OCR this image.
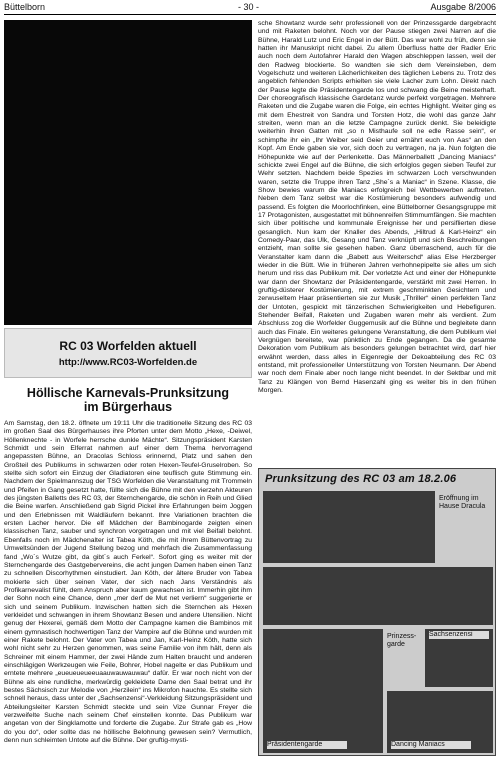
Büttelborn	- 30 -	Ausgabe 8/2006
RC 03 Worfelden aktuell
http://www.RC03-Worfelden.de
Höllische Karnevals-Prunksitzung
im Bürgerhaus
Am Samstag, den 18.2. öffnete um 19:11 Uhr die traditionelle Sitzung des RC 03 im großen Saal des Bürgerhauses ihre Pforten unter dem Motto „Hexe, -Deiwel, Höllenknechte - in Worfele herrsche dunkle Mächte“. Sitzungspräsident Karsten Schmidt und sein Elferrat nahmen auf einer dem Thema hervorragend angepassten Bühne, an Dracolas Schloss erinnernd, Platz und sahen den Großteil des Publikums in schwarzen oder roten Hexen-Teufel-Gruselroben. So stellte sich sofort ein Einzug der Gladiatoren eine teuflisch gute Stimmung ein. Nachdem der Spielmannszug der TSG Worfelden die Veranstaltung mit Trommeln und Pfeifen in Gang gesetzt hatte, füllte sich die Bühne mit den vierzehn Akteuren des jüngsten Balletts des RC 03, der Sternchengarde, die schön in Reih und Glied die Beine warfen. Anschließend gab Sigrid Pickel ihre Erfahrungen beim Joggen und den Erlebnissen mit Waldläufern bekannt. Ihre Variationen brachten die ersten Lacher hervor. Die elf Mädchen der Bambinogarde zeigten einen klassischen Tanz, sauber und synchron vorgetragen und mit viel Beifall belohnt. Ebenfalls noch im Mädchenalter ist Tabea Köth, die mit ihrem Büttenvortrag zu Umweltsünden der Jugend Stellung bezog und mehrfach die Zusammenfassung fand „Wo´s Wutze gibt, da gibt´s auch Ferkel“. Sofort ging es weiter mit der Sternchengarde des Gastgebervereins, die acht jungen Damen haben einen Tanz zu schnellen Discorhythmen einstudiert. Jan Köth, der ältere Bruder von Tabea mokierte sich über seinen Vater, der sich nach Jans Verständnis als Profikarnevalist fühlt, dem Anspruch aber kaum gewachsen ist. Immerhin gibt ihm der Sohn noch eine Chance, denn „mer derf de Mut net verliern“ suggerierte er sich und seinem Publikum. Inzwischen hatten sich die Sternchen als Hexen verkleidet und schwangen in ihrem Showtanz Besen und andere Utensilien. Nicht genug der Hexerei, gemäß dem Motto der Campagne kamen die Bambinos mit einem gymnastisch hochwertigen Tanz der Vampire auf die Bühne und wurden mit einer Rakete belohnt. Der Vater von Tabea und Jan, Karl-Heinz Köth, hatte sich wohl nicht sehr zu Herzen genommen, was seine Familie von ihm hält, denn als Schreiner mit einem Hammer, der zwei Hände zum Halten braucht und anderen einschlägigen Werkzeugen wie Feile, Bohrer, Hobel nagelte er das Publikum und erntete mehrere „eueueueueeuaauwauwauwau“ dafür. Er war noch nicht von der Bühne als eine rundliche, merkwürdig gekleidete Dame den Saal betrat und ihr bestes Sächsisch zur Melodie von „Herzilein“ ins Mikrofon hauchte. Es stellte sich schnell heraus, dass unter der „Sachsenzensi“-Verkleidung Sitzungspräsident und Abteilungsleiter Karsten Schmidt steckte und sein Vize Gunnar Freyer die verzweifelte Suche nach seinem Chef einstellen konnte. Das Publikum war angetan von der Singklamotte und forderte die Zugabe. Zur Strafe gab es „How do you do“, oder sollte das ne höllische Belohnung gewesen sein? Vermutlich, denn nun schleimten Untote auf die Bühne. Der gruftig-mysti-
sche Showtanz wurde sehr professionell von der Prinzessgarde dargebracht und mit Raketen belohnt. Noch vor der Pause stiegen zwei Narren auf die Bühne, Harald Lutz und Eric Engel in der Bütt. Das war wohl zu früh, denn sie hatten ihr Manuskript nicht dabei. Zu allem Überfluss hatte der Radler Eric auch noch dem Autofahrer Harald den Wagen abschleppen lassen, weil der den Radweg blockierte. So wandten sie sich dem Vereinsleben, dem Vogelschutz und weiteren Lächerlichkeiten des täglichen Lebens zu. Trotz des angeblich fehlenden Scripts erhielten sie viele Lacher zum Lohn. Direkt nach der Pause legte die Präsidentengarde los und schwang die Beine meisterhaft. Der choreografisch klassische Gardetanz wurde perfekt vorgetragen. Mehrere Raketen und die Zugabe waren die Folge, ein echtes Highlight. Weiter ging es mit dem Ehestreit von Sandra und Torsten Hotz, die wohl das ganze Jahr streiten, wenn man an die letzte Campagne zurück denkt. Sie beleidigte weiterhin ihren Gatten mit „so n Misthaufe soll ne edle Rasse sein“, er schimpfte ihr ein „Ihr Weiber seid Geier und ernährt euch von Aas“ an den Kopf. Am Ende gaben sie vor, sich doch zu vertragen, na ja. Nun folgten die Höhepunkte wie auf der Perlenkette. Das Männerballett „Dancing Maniacs“ schickte zwei Engel auf die Bühne, die sich erfolglos gegen sieben Teufel zur Wehr setzten. Nachdem beide Spezies im schwarzen Loch verschwunden waren, setzte die Truppe ihren Tanz „She´s a Maniac“ in Szene. Klasse, die Show bewies warum die Maniacs erfolgreich bei Wettbewerben auftreten. Neben dem Tanz selbst war die Kostümierung besonders aufwendig und passend. Es folgten die Moorlochfinken, eine Büttelborner Gesangsgruppe mit 17 Protagonisten, ausgestattet mit bühnenreifen Stimmumfängen. Sie machten sich über politische und kommunale Ereignisse her und persiflierten diese gesanglich. Nun kam der Knaller des Abends, „Hiltrud & Karl-Heinz“ ein Comedy-Paar, das Ulk, Gesang und Tanz verknüpft und sich Beschreibungen entzieht, man sollte sie gesehen haben. Ganz überraschend, auch für die Veranstalter kam dann die „Babett aus Weiterschd“ alias Else Herzberger wieder in die Bütt. Wie in früheren Jahren verhohnepipelte sie alles um sich herum und riss das Publikum mit. Der vorletzte Act und einer der Höhepunkte war dann der Showtanz der Präsidentengarde, verstärkt mit zwei Herren. In gruftig-düsterer Kostümierung, mit extrem geschminkten Gesichtern und zerwuseltem Haar präsentierten sie zur Musik „Thriller“ einen perfekten Tanz der Untoten, gespickt mit tänzerischen Schwierigkeiten und Hebefiguren. Stehender Beifall, Raketen und Zugaben waren mehr als verdient. Zum Abschluss zog die Worfelder Guggemusik auf die Bühne und begleitete dann auch das Finale. Ein weiteres gelungene Veranstaltung, die dem Publikum viel Vergnügen bereitete, war pünktlich zu Ende gegangen. Da die gesamte Dekoration vom Publikum als besonders gelungen betrachtet wird, darf hier erwähnt werden, dass alles in Eigenregie der Dekoabteilung des RC 03 entstand, mit professioneller Unterstützung von Torsten Neumann. Der Abend war noch dem Finale aber noch lange nicht beendet. In der Sektbar und mit Tanz zu Klängen von Bernd Hasenzahl ging es weiter bis in den frühen Morgen.
Prunksitzung des RC 03 am 18.2.06
Eröffnung im Hause Dracula
Prinzess-garde
Sachsenzensi
Dancing Maniacs
Präsidentengarde
